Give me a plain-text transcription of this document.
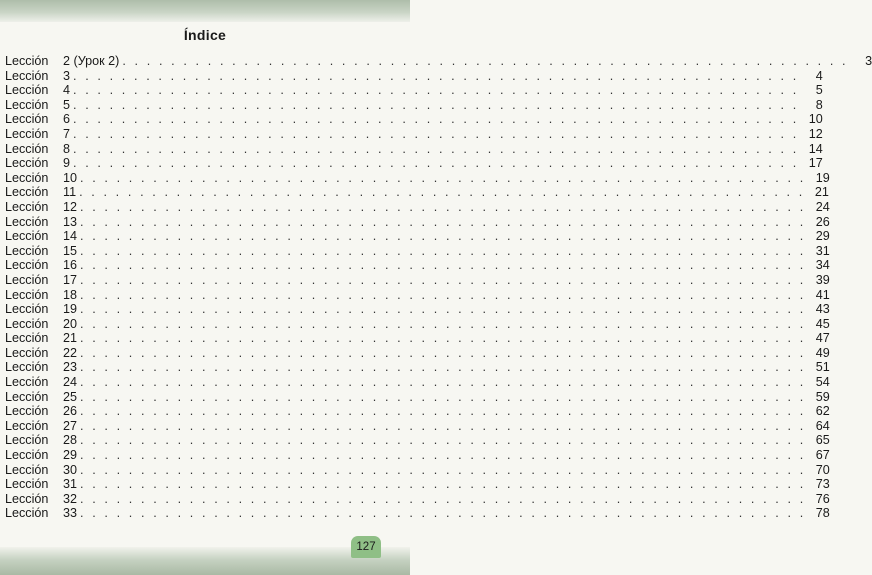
Índice
Lección	2 (Урок 2) . . . . . . . . . . . . . . . . . . . . . . . . . . . . . . . . . . . . . . . . . . . . . . . . . . . . . . . . . . . .	3
Lección	3 . . . . . . . . . . . . . . . . . . . . . . . . . . . . . . . . . . . . . . . . . . . . . . . . . . . . . . . . . . . .	4
Lección	4 . . . . . . . . . . . . . . . . . . . . . . . . . . . . . . . . . . . . . . . . . . . . . . . . . . . . . . . . . . . .	5
Lección	5 . . . . . . . . . . . . . . . . . . . . . . . . . . . . . . . . . . . . . . . . . . . . . . . . . . . . . . . . . . . .	8
Lección	6 . . . . . . . . . . . . . . . . . . . . . . . . . . . . . . . . . . . . . . . . . . . . . . . . . . . . . . . . . . . . 10
Lección	7 . . . . . . . . . . . . . . . . . . . . . . . . . . . . . . . . . . . . . . . . . . . . . . . . . . . . . . . . . . . . 12
Lección	8 . . . . . . . . . . . . . . . . . . . . . . . . . . . . . . . . . . . . . . . . . . . . . . . . . . . . . . . . . . . . 14
Lección	9 . . . . . . . . . . . . . . . . . . . . . . . . . . . . . . . . . . . . . . . . . . . . . . . . . . . . . . . . . . . . 17
Lección	10 . . . . . . . . . . . . . . . . . . . . . . . . . . . . . . . . . . . . . . . . . . . . . . . . . . . . . . . . . . . . 19
Lección	11 . . . . . . . . . . . . . . . . . . . . . . . . . . . . . . . . . . . . . . . . . . . . . . . . . . . . . . . . . . . . 21
Lección	12 . . . . . . . . . . . . . . . . . . . . . . . . . . . . . . . . . . . . . . . . . . . . . . . . . . . . . . . . . . . . 24
Lección	13 . . . . . . . . . . . . . . . . . . . . . . . . . . . . . . . . . . . . . . . . . . . . . . . . . . . . . . . . . . . . 26
Lección	14 . . . . . . . . . . . . . . . . . . . . . . . . . . . . . . . . . . . . . . . . . . . . . . . . . . . . . . . . . . . . 29
Lección	15 . . . . . . . . . . . . . . . . . . . . . . . . . . . . . . . . . . . . . . . . . . . . . . . . . . . . . . . . . . . . 31
Lección	16 . . . . . . . . . . . . . . . . . . . . . . . . . . . . . . . . . . . . . . . . . . . . . . . . . . . . . . . . . . . . 34
Lección	17 . . . . . . . . . . . . . . . . . . . . . . . . . . . . . . . . . . . . . . . . . . . . . . . . . . . . . . . . . . . . 39
Lección	18 . . . . . . . . . . . . . . . . . . . . . . . . . . . . . . . . . . . . . . . . . . . . . . . . . . . . . . . . . . . . 41
Lección	19 . . . . . . . . . . . . . . . . . . . . . . . . . . . . . . . . . . . . . . . . . . . . . . . . . . . . . . . . . . . . 43
Lección	20 . . . . . . . . . . . . . . . . . . . . . . . . . . . . . . . . . . . . . . . . . . . . . . . . . . . . . . . . . . . . 45
Lección	21 . . . . . . . . . . . . . . . . . . . . . . . . . . . . . . . . . . . . . . . . . . . . . . . . . . . . . . . . . . . . 47
Lección	22 . . . . . . . . . . . . . . . . . . . . . . . . . . . . . . . . . . . . . . . . . . . . . . . . . . . . . . . . . . . . 49
Lección	23 . . . . . . . . . . . . . . . . . . . . . . . . . . . . . . . . . . . . . . . . . . . . . . . . . . . . . . . . . . . . 51
Lección	24 . . . . . . . . . . . . . . . . . . . . . . . . . . . . . . . . . . . . . . . . . . . . . . . . . . . . . . . . . . . . 54
Lección	25 . . . . . . . . . . . . . . . . . . . . . . . . . . . . . . . . . . . . . . . . . . . . . . . . . . . . . . . . . . . . 59
Lección	26 . . . . . . . . . . . . . . . . . . . . . . . . . . . . . . . . . . . . . . . . . . . . . . . . . . . . . . . . . . . . 62
Lección	27 . . . . . . . . . . . . . . . . . . . . . . . . . . . . . . . . . . . . . . . . . . . . . . . . . . . . . . . . . . . . 64
Lección	28 . . . . . . . . . . . . . . . . . . . . . . . . . . . . . . . . . . . . . . . . . . . . . . . . . . . . . . . . . . . . 65
Lección	29 . . . . . . . . . . . . . . . . . . . . . . . . . . . . . . . . . . . . . . . . . . . . . . . . . . . . . . . . . . . . 67
Lección	30 . . . . . . . . . . . . . . . . . . . . . . . . . . . . . . . . . . . . . . . . . . . . . . . . . . . . . . . . . . . . 70
Lección	31 . . . . . . . . . . . . . . . . . . . . . . . . . . . . . . . . . . . . . . . . . . . . . . . . . . . . . . . . . . . . 73
Lección	32 . . . . . . . . . . . . . . . . . . . . . . . . . . . . . . . . . . . . . . . . . . . . . . . . . . . . . . . . . . . . 76
Lección	33 . . . . . . . . . . . . . . . . . . . . . . . . . . . . . . . . . . . . . . . . . . . . . . . . . . . . . . . . . . . . 78
127
